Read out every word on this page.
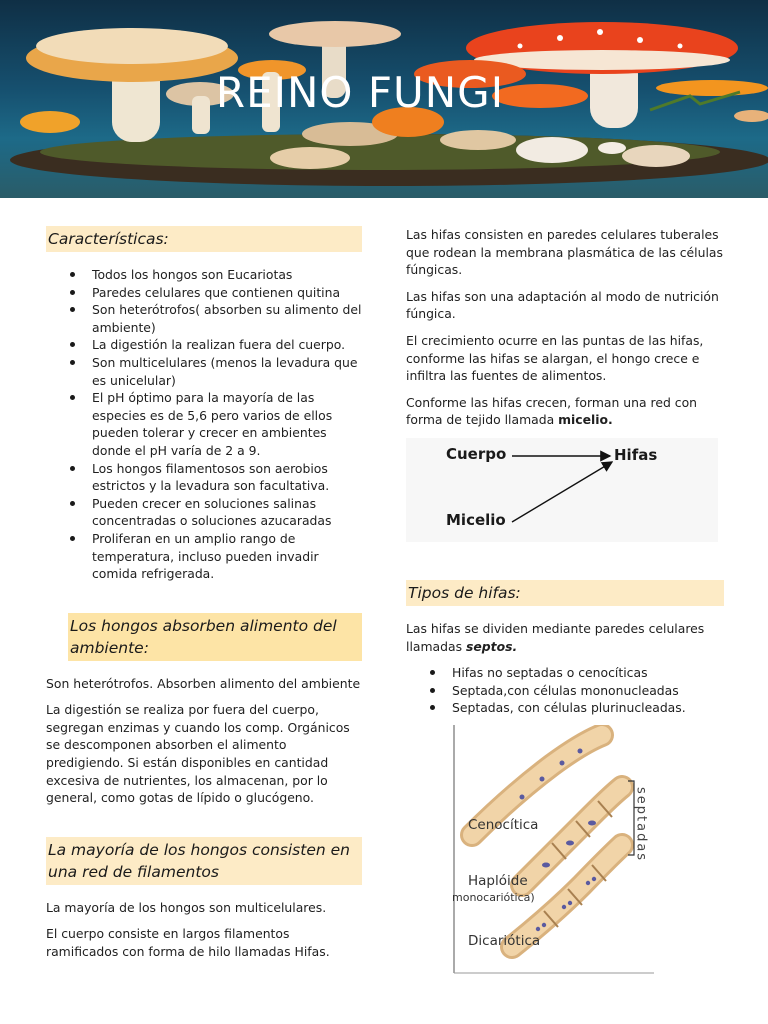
REINO FUNGI
Características:
Todos los hongos son Eucariotas
Paredes celulares que contienen quitina
Son heterótrofos( absorben su alimento del ambiente)
La digestión la realizan fuera del cuerpo.
Son multicelulares (menos la levadura que es unicelular)
El pH óptimo para la mayoría de las especies es de 5,6 pero varios de ellos pueden tolerar y crecer en ambientes donde el pH varía de 2 a 9.
Los hongos filamentosos son aerobios estrictos y la levadura son facultativa.
Pueden crecer en soluciones salinas concentradas o soluciones azucaradas
Proliferan en un amplio rango de temperatura, incluso pueden invadir comida refrigerada.
Los hongos absorben alimento del ambiente:

Son heterótrofos. Absorben alimento del ambiente

La digestión se realiza por fuera del cuerpo, segregan enzimas y cuando los comp. Orgánicos se descomponen absorben el alimento predigiendo. Si están disponibles en cantidad excesiva de nutrientes, los almacenan, por lo general, como gotas de lípido o glucógeno.

La mayoría de los hongos consisten en una red de filamentos

La mayoría de los hongos son multicelulares.

El cuerpo consiste en largos filamentos ramificados con forma de hilo llamadas Hifas.

Las hifas consisten en paredes celulares tuberales que rodean la membrana plasmática de las células fúngicas.

Las hifas son una adaptación al modo de nutrición fúngica.

El crecimiento ocurre en las puntas de las hifas, conforme las hifas se alargan, el hongo crece e infiltra las fuentes de alimentos.

Conforme las hifas crecen, forman una red con forma de tejido llamada micelio.

Cuerpo	Hifas
Micelio
Tipos de hifas:

Las hifas se dividen mediante paredes celulares llamadas septos.

Hifas no septadas o cenocíticas
Septada,con células mononucleadas
Septadas, con células plurinucleadas.
Cenocítica
Haplóide
monocariótica)
Dicariótica
septadas
